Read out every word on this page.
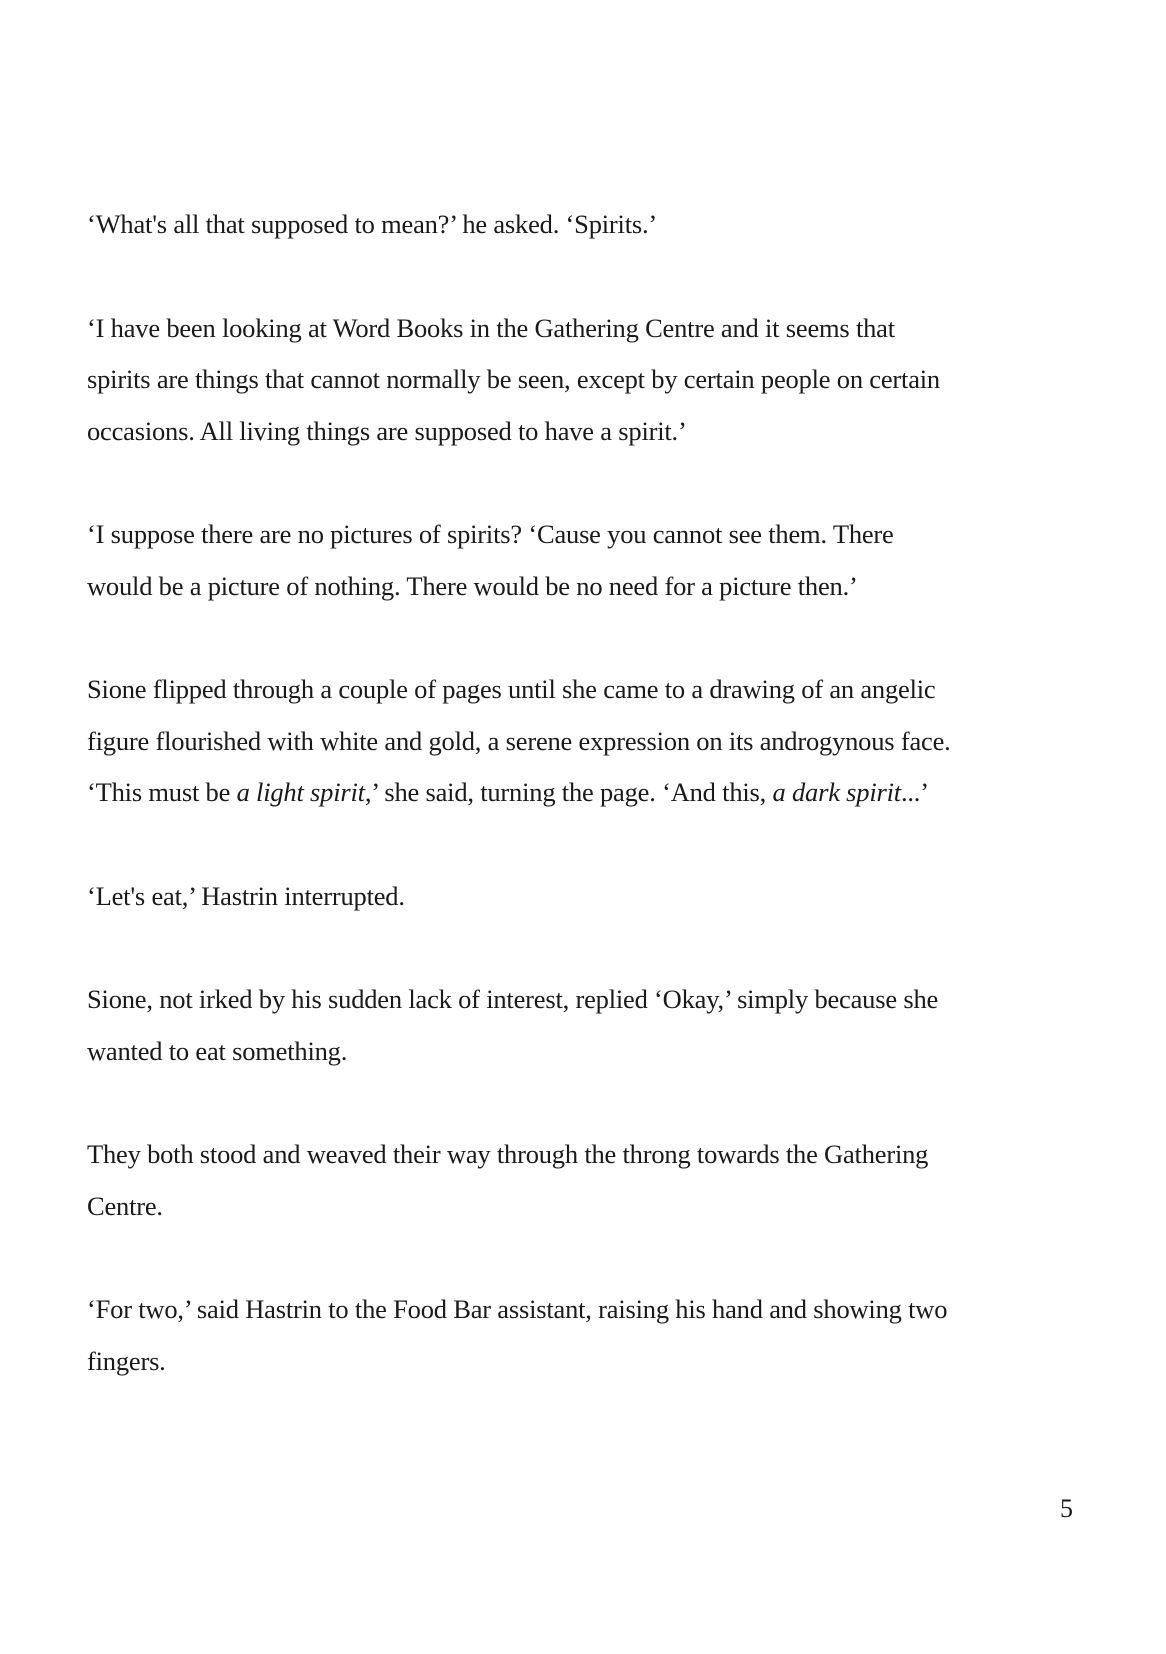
‘What's all that supposed to mean?’ he asked. ‘Spirits.’

‘I have been looking at Word Books in the Gathering Centre and it seems that
spirits are things that cannot normally be seen, except by certain people on certain
occasions. All living things are supposed to have a spirit.’

‘I suppose there are no pictures of spirits? ‘Cause you cannot see them. There
would be a picture of nothing. There would be no need for a picture then.’

Sione flipped through a couple of pages until she came to a drawing of an angelic
figure flourished with white and gold, a serene expression on its androgynous face.
‘This must be a light spirit,’ she said, turning the page. ‘And this, a dark spirit...’

‘Let's eat,’ Hastrin interrupted.

Sione, not irked by his sudden lack of interest, replied ‘Okay,’ simply because she
wanted to eat something.

They both stood and weaved their way through the throng towards the Gathering
Centre.

‘For two,’ said Hastrin to the Food Bar assistant, raising his hand and showing two
fingers.

5
